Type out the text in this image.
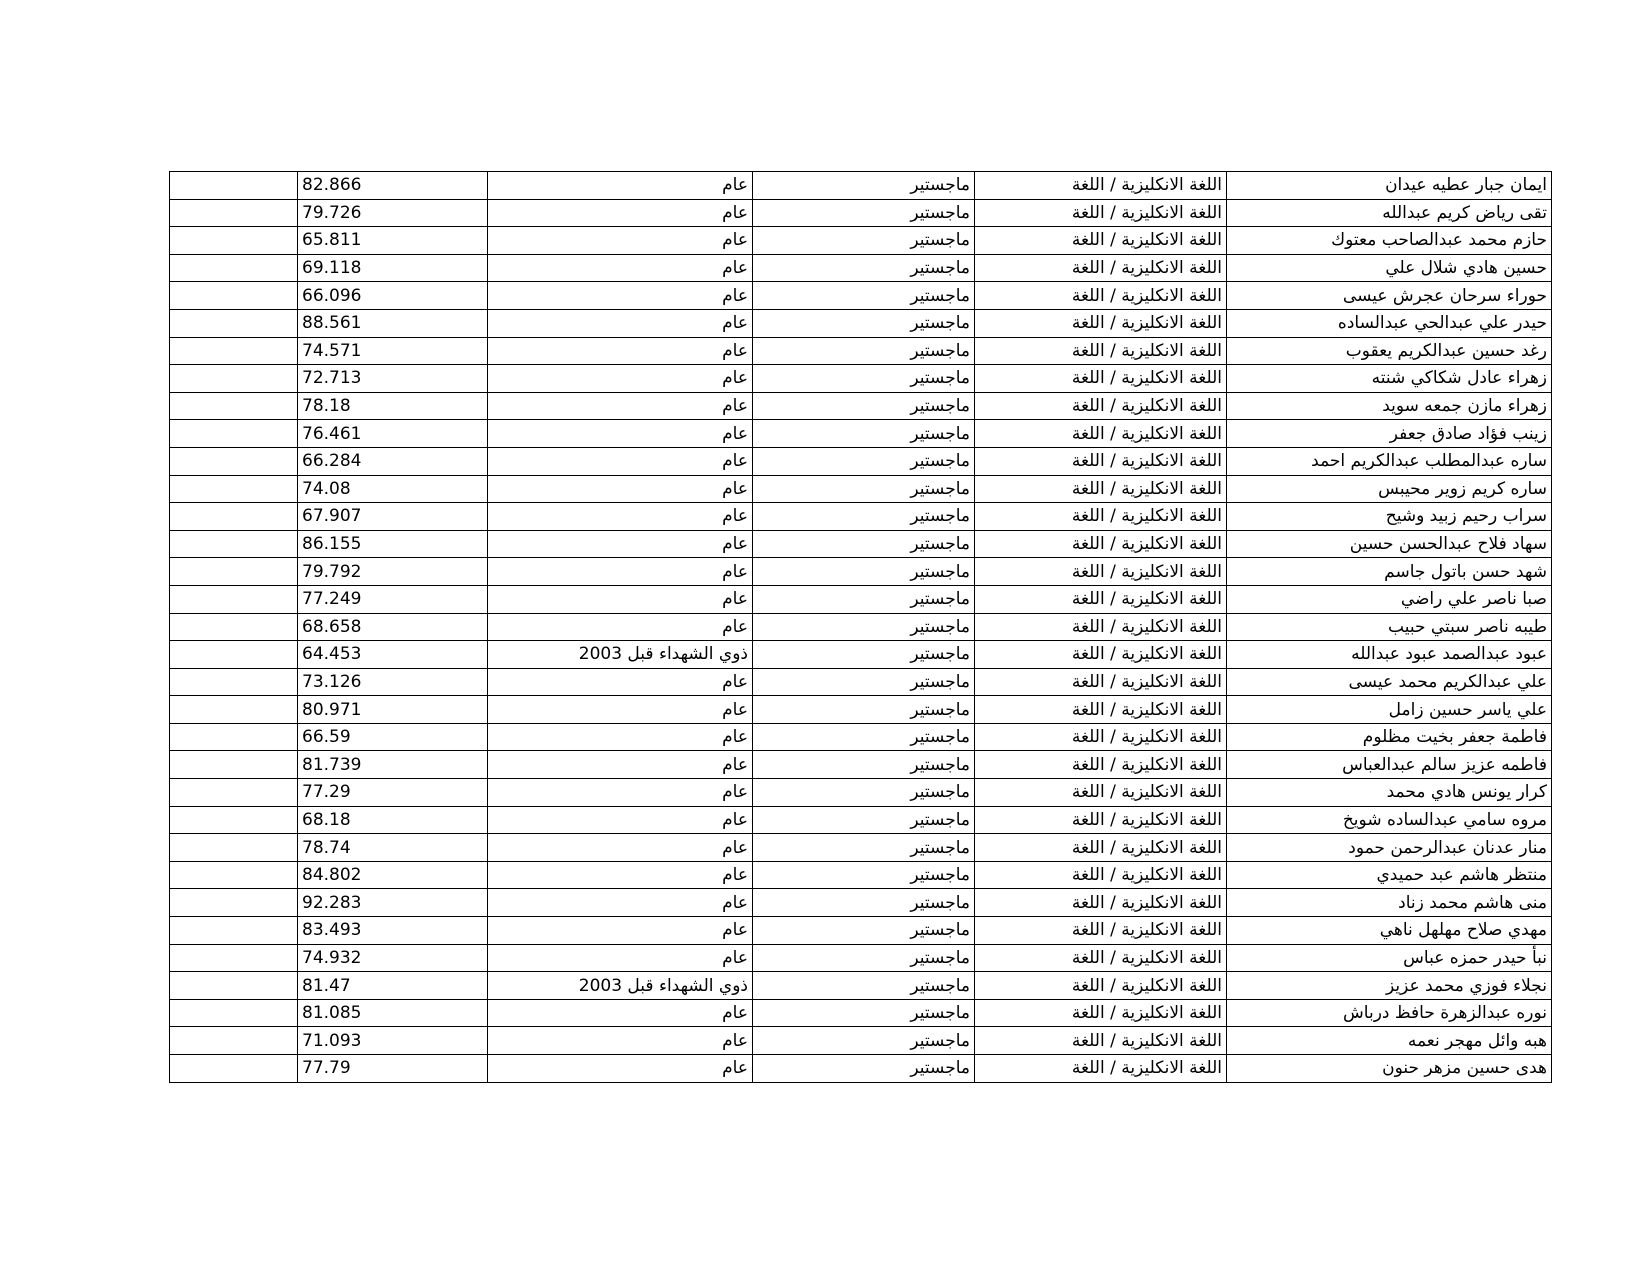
ايمان جبار عطيه عيدان	اللغة الانكليزية / اللغة	ماجستير	عام	82.866	
تقى رياض كريم عبدالله	اللغة الانكليزية / اللغة	ماجستير	عام	79.726	
حازم محمد عبدالصاحب معتوك	اللغة الانكليزية / اللغة	ماجستير	عام	65.811	
حسين هادي شلال علي	اللغة الانكليزية / اللغة	ماجستير	عام	69.118	
حوراء سرحان عجرش عيسى	اللغة الانكليزية / اللغة	ماجستير	عام	66.096	
حيدر علي عبدالحي عبدالساده	اللغة الانكليزية / اللغة	ماجستير	عام	88.561	
رغد حسين عبدالكريم يعقوب	اللغة الانكليزية / اللغة	ماجستير	عام	74.571	
زهراء عادل شكاكي شنته	اللغة الانكليزية / اللغة	ماجستير	عام	72.713	
زهراء مازن جمعه سويد	اللغة الانكليزية / اللغة	ماجستير	عام	78.18	
زينب فؤاد صادق جعفر	اللغة الانكليزية / اللغة	ماجستير	عام	76.461	
ساره عبدالمطلب عبدالكريم احمد	اللغة الانكليزية / اللغة	ماجستير	عام	66.284	
ساره كريم زوير محيبس	اللغة الانكليزية / اللغة	ماجستير	عام	74.08	
سراب رحيم زبيد وشيح	اللغة الانكليزية / اللغة	ماجستير	عام	67.907	
سهاد فلاح عبدالحسن حسين	اللغة الانكليزية / اللغة	ماجستير	عام	86.155	
شهد حسن باتول جاسم	اللغة الانكليزية / اللغة	ماجستير	عام	79.792	
صبا ناصر علي راضي	اللغة الانكليزية / اللغة	ماجستير	عام	77.249	
طيبه ناصر سبتي حبيب	اللغة الانكليزية / اللغة	ماجستير	عام	68.658	
عبود عبدالصمد عبود عبدالله	اللغة الانكليزية / اللغة	ماجستير	ذوي الشهداء قبل 2003	64.453	
علي عبدالكريم محمد عيسى	اللغة الانكليزية / اللغة	ماجستير	عام	73.126	
علي ياسر حسين زامل	اللغة الانكليزية / اللغة	ماجستير	عام	80.971	
فاطمة جعفر بخيت مظلوم	اللغة الانكليزية / اللغة	ماجستير	عام	66.59	
فاطمه عزيز سالم عبدالعباس	اللغة الانكليزية / اللغة	ماجستير	عام	81.739	
كرار يونس هادي محمد	اللغة الانكليزية / اللغة	ماجستير	عام	77.29	
مروه سامي عبدالساده شويخ	اللغة الانكليزية / اللغة	ماجستير	عام	68.18	
منار عدنان عبدالرحمن حمود	اللغة الانكليزية / اللغة	ماجستير	عام	78.74	
منتظر هاشم عبد حميدي	اللغة الانكليزية / اللغة	ماجستير	عام	84.802	
منى هاشم محمد زناد	اللغة الانكليزية / اللغة	ماجستير	عام	92.283	
مهدي صلاح مهلهل ناهي	اللغة الانكليزية / اللغة	ماجستير	عام	83.493	
نبأ حيدر حمزه عباس	اللغة الانكليزية / اللغة	ماجستير	عام	74.932	
نجلاء فوزي محمد عزيز	اللغة الانكليزية / اللغة	ماجستير	ذوي الشهداء قبل 2003	81.47	
نوره عبدالزهرة حافظ درباش	اللغة الانكليزية / اللغة	ماجستير	عام	81.085	
هبه وائل مهجر نعمه	اللغة الانكليزية / اللغة	ماجستير	عام	71.093	
هدى حسين مزهر حنون	اللغة الانكليزية / اللغة	ماجستير	عام	77.79	
